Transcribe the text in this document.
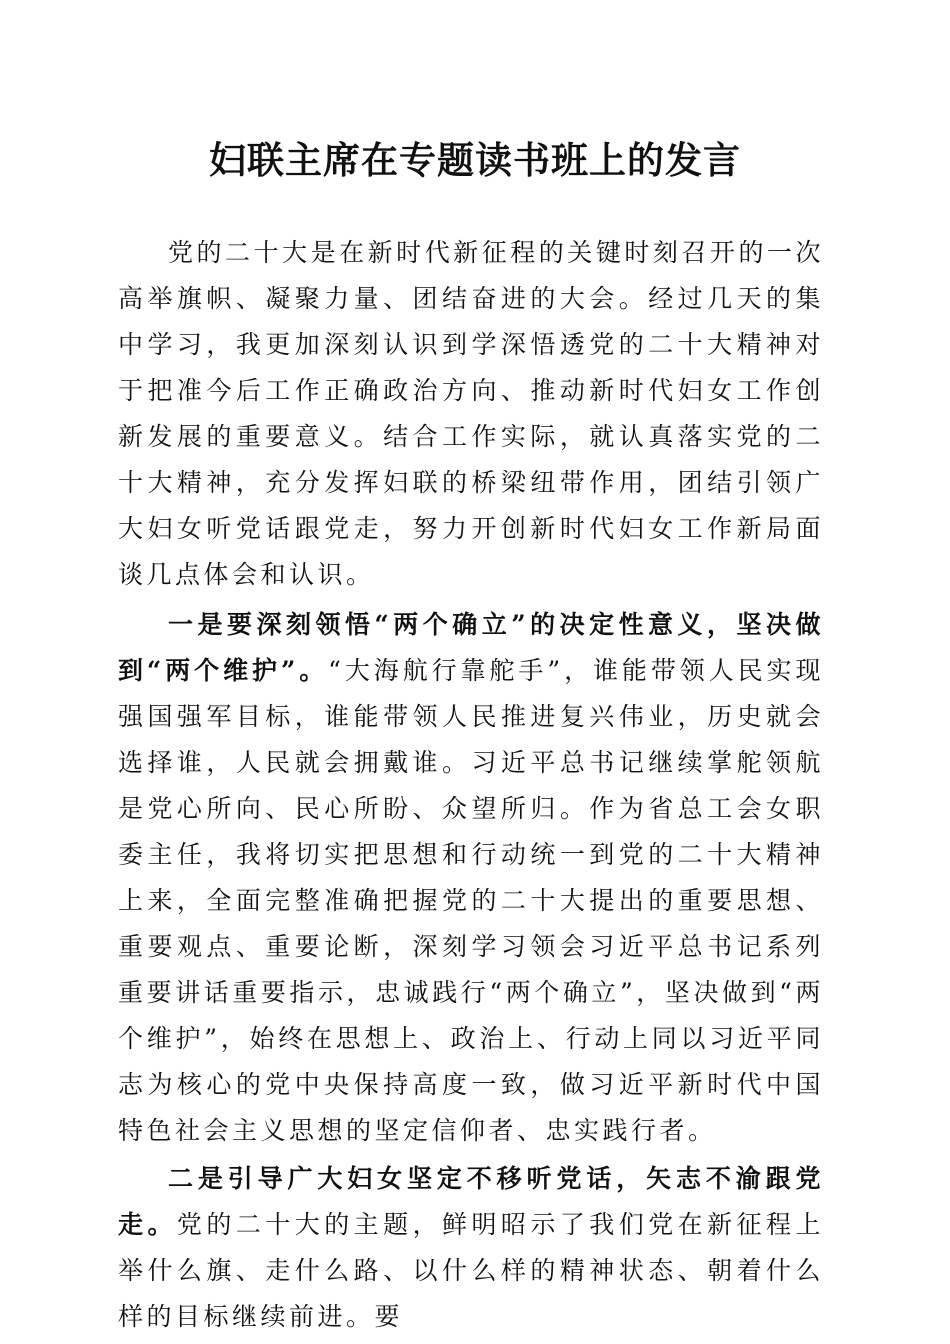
妇联主席在专题读书班上的发言

党的二十大是在新时代新征程的关键时刻召开的一次高举旗帜、凝聚力量、团结奋进的大会。经过几天的集中学习，我更加深刻认识到学深悟透党的二十大精神对于把准今后工作正确政治方向、推动新时代妇女工作创新发展的重要意义。结合工作实际，就认真落实党的二十大精神，充分发挥妇联的桥梁纽带作用，团结引领广大妇女听党话跟党走，努力开创新时代妇女工作新局面谈几点体会和认识。

一是要深刻领悟“两个确立”的决定性意义，坚决做到“两个维护”。“大海航行靠舵手”，谁能带领人民实现强国强军目标，谁能带领人民推进复兴伟业，历史就会选择谁，人民就会拥戴谁。习近平总书记继续掌舵领航是党心所向、民心所盼、众望所归。作为省总工会女职委主任，我将切实把思想和行动统一到党的二十大精神上来，全面完整准确把握党的二十大提出的重要思想、重要观点、重要论断，深刻学习领会习近平总书记系列重要讲话重要指示，忠诚践行“两个确立”，坚决做到“两个维护”，始终在思想上、政治上、行动上同以习近平同志为核心的党中央保持高度一致，做习近平新时代中国特色社会主义思想的坚定信仰者、忠实践行者。

二是引导广大妇女坚定不移听党话，矢志不渝跟党走。党的二十大的主题，鲜明昭示了我们党在新征程上举什么旗、走什么路、以什么样的精神状态、朝着什么样的目标继续前进。要
